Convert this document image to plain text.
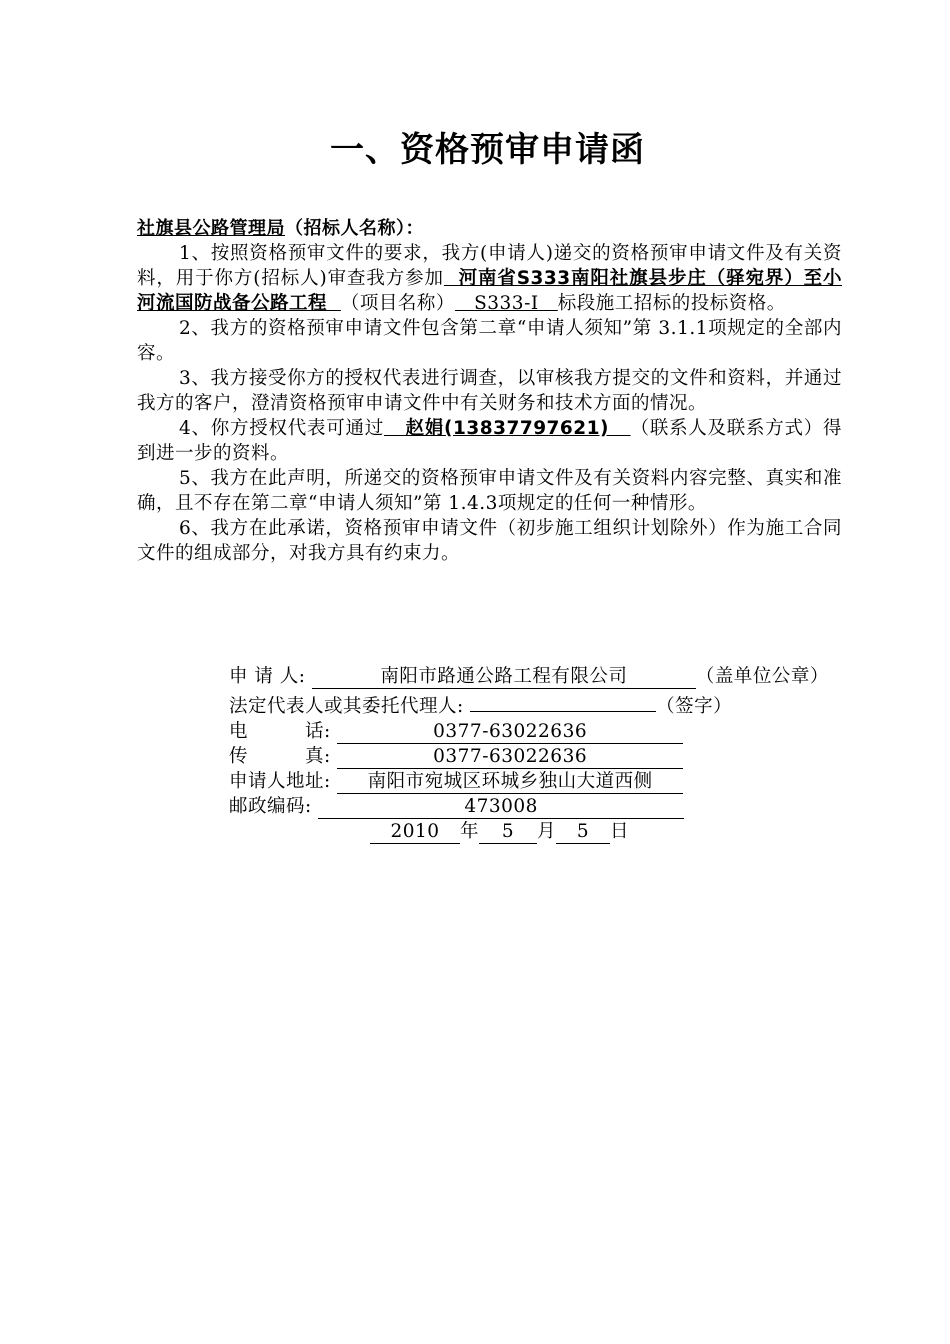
一、资格预审申请函
社旗县公路管理局（招标人名称）：

1、按照资格预审文件的要求，我方(申请人)递交的资格预审申请文件及有关资料，用于你方(招标人)审查我方参加 河南省S333南阳社旗县步庄（驿宛界）至小河流国防战备公路工程 （项目名称） S333-I 标段施工招标的投标资格。

2、我方的资格预审申请文件包含第二章“申请人须知”第 3.1.1项规定的全部内容。

3、我方接受你方的授权代表进行调查，以审核我方提交的文件和资料，并通过我方的客户，澄清资格预审申请文件中有关财务和技术方面的情况。

4、你方授权代表可通过 赵娟(13837797621) （联系人及联系方式）得到进一步的资料。

5、我方在此声明，所递交的资格预审申请文件及有关资料内容完整、真实和准确，且不存在第二章“申请人须知”第 1.4.3项规定的任何一种情形。

6、我方在此承诺，资格预审申请文件（初步施工组织计划除外）作为施工合同文件的组成部分，对我方具有约束力。

申 请 人:	南阳市路通公路工程有限公司	（盖单位公章）
法定代表人或其委托代理人:	（签字）
电　　　话:	0377-63022636
传　　　真:	0377-63022636
申请人地址: 南阳市宛城区环城乡独山大道西侧
邮政编码:	473008
2010 年 5 月 5 日
